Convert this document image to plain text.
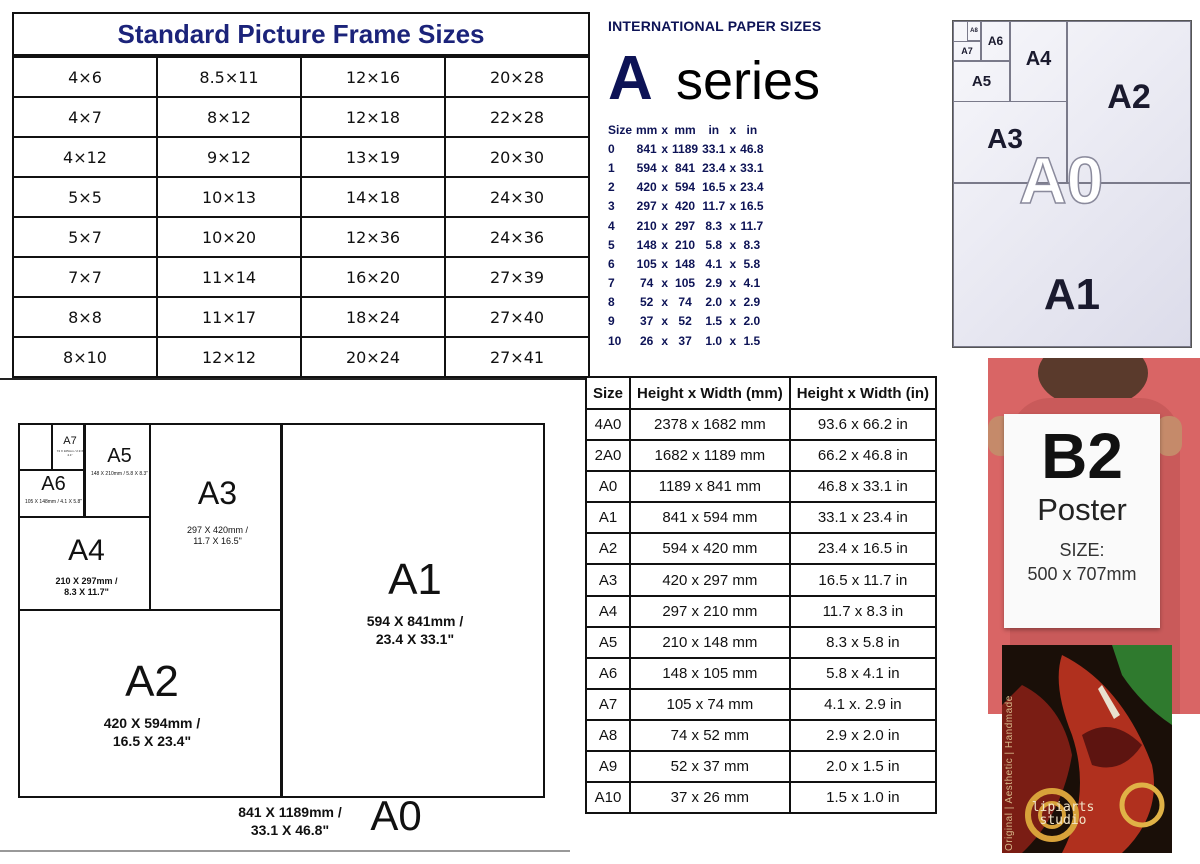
Standard Picture Frame Sizes
4×6	8.5×11	12×16	20×28
4×7	8×12	12×18	22×28
4×12	9×12	13×19	20×30
5×5	10×13	14×18	24×30
5×7	10×20	12×36	24×36
7×7	11×14	16×20	27×39
8×8	11×17	18×24	27×40
8×10	12×12	20×24	27×41
INTERNATIONAL PAPER SIZES
A series
Size	mm	x	mm	in	x	in
0	841	x	1189	33.1	x	46.8
1	594	x	841	23.4	x	33.1
2	420	x	594	16.5	x	23.4
3	297	x	420	11.7	x	16.5
4	210	x	297	8.3	x	11.7
5	148	x	210	5.8	x	8.3
6	105	x	148	4.1	x	5.8
7	74	x	105	2.9	x	4.1
8	52	x	74	2.0	x	2.9
9	37	x	52	1.5	x	2.0
10	26	x	37	1.0	x	1.5
A1
A2
A3
A4
A5
A6
A7
A8
A0
A1
594 X 841mm /
23.4 X 33.1"
A2
420 X 594mm /
16.5 X 23.4"
A3
297 X 420mm /
11.7 X 16.5"
A4
210 X 297mm /
8.3 X 11.7"
A5
148 X 210mm / 5.8 X 8.3"
A6
105 X 148mm / 4.1 X 5.8"
A7
74 X 105mm / 2.9 X 4.1"
841 X 1189mm /
33.1 X 46.8" A0
Size	Height x Width (mm)	Height x Width (in)
4A0	2378 x 1682 mm	93.6 x 66.2 in
2A0	1682 x 1189 mm	66.2 x 46.8 in
A0	1189 x 841 mm	46.8 x 33.1 in
A1	841 x 594 mm	33.1 x 23.4 in
A2	594 x 420 mm	23.4 x 16.5 in
A3	420 x 297 mm	16.5 x 11.7 in
A4	297 x 210 mm	11.7 x 8.3 in
A5	210 x 148 mm	8.3 x 5.8 in
A6	148 x 105 mm	5.8 x 4.1 in
A7	105 x 74 mm	4.1 x. 2.9 in
A8	74 x 52 mm	2.9 x 2.0 in
A9	52 x 37 mm	2.0 x 1.5 in
A10	37 x 26 mm	1.5 x 1.0 in
B2
Poster
SIZE:
500 x 707mm
Original | Aesthetic | Handmade lipiarts studio
